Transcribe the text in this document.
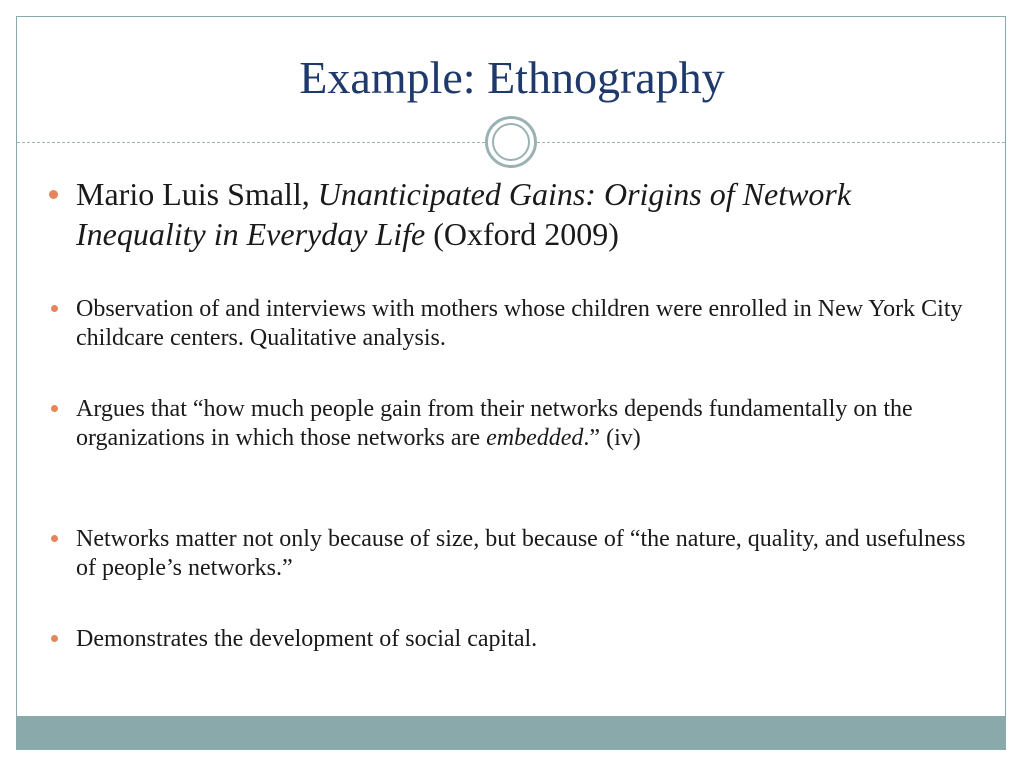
Example: Ethnography
Mario Luis Small, Unanticipated Gains: Origins of Network Inequality in Everyday Life (Oxford 2009)
Observation of and interviews with mothers whose children were enrolled in New York City childcare centers. Qualitative analysis.
Argues that “how much people gain from their networks depends fundamentally on the organizations in which those networks are embedded.” (iv)
Networks matter not only because of size, but because of “the nature, quality, and usefulness of people’s networks.”
Demonstrates the development of social capital.
